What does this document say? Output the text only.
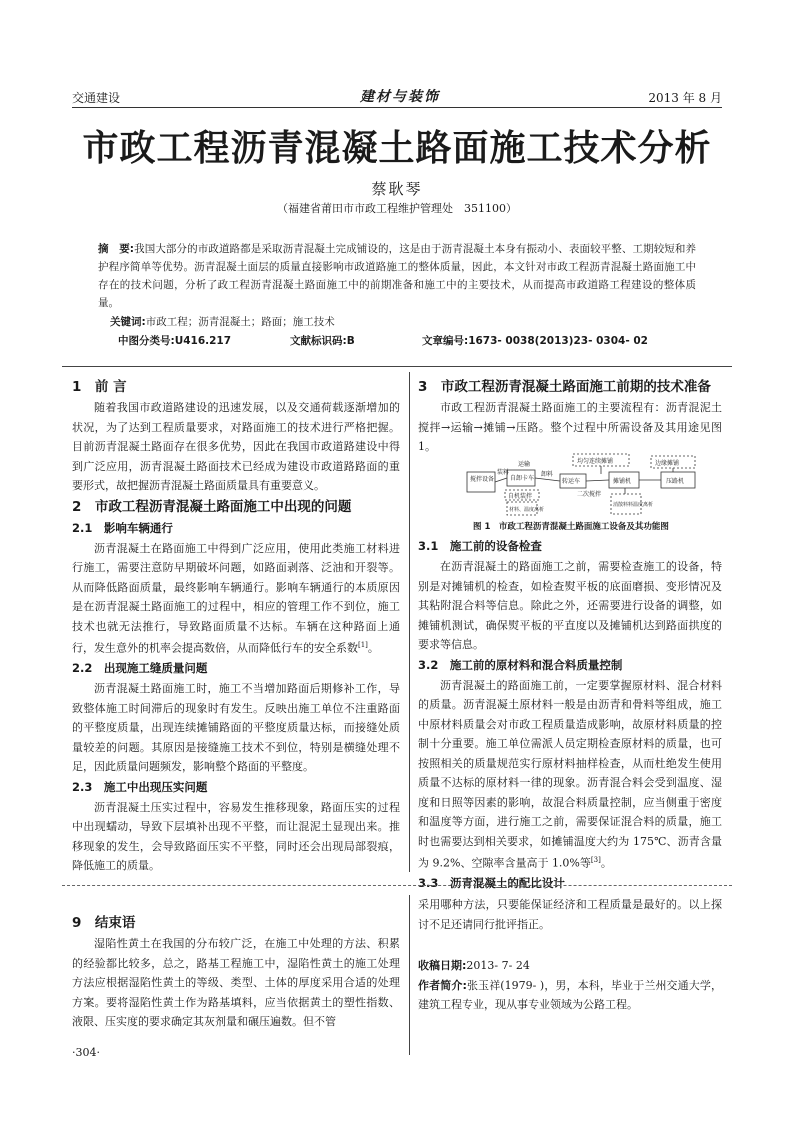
交通建设	建材与装饰	2013 年 8 月
市政工程沥青混凝土路面施工技术分析
蔡耿琴
（福建省莆田市市政工程维护管理处　351100）
摘　要:我国大部分的市政道路都是采取沥青混凝土完成铺设的，这是由于沥青混凝土本身有振动小、表面较平整、工期较短和养护程序简单等优势。沥青混凝土面层的质量直接影响市政道路施工的整体质量，因此，本文针对市政工程沥青混凝土路面施工中存在的技术问题，分析了政工程沥青混凝土路面施工中的前期准备和施工中的主要技术，从而提高市政道路工程建设的整体质量。
关键词:市政工程；沥青混凝土；路面；施工技术
中图分类号:U416.217	文献标识码:B	文章编号:1673- 0038(2013)23- 0304- 02
1　前 言

随着我国市政道路建设的迅速发展，以及交通荷载逐渐增加的状况，为了达到工程质量要求，对路面施工的技术进行严格把握。目前沥青混凝土路面存在很多优势，因此在我国市政道路建设中得到广泛应用，沥青混凝土路面技术已经成为建设市政道路路面的重要形式，故把握沥青混凝土路面质量具有重要意义。

2　市政工程沥青混凝土路面施工中出现的问题
2.1　影响车辆通行

沥青混凝土在路面施工中得到广泛应用，使用此类施工材料进行施工，需要注意防早期破坏问题，如路面剥落、泛油和开裂等。从而降低路面质量，最终影响车辆通行。影响车辆通行的本质原因是在沥青混凝土路面施工的过程中，相应的管理工作不到位，施工技术也就无法推行，导致路面质量不达标。车辆在这种路面上通行，发生意外的机率会提高数倍，从而降低行车的安全系数[1]。

2.2　出现施工缝质量问题

沥青混凝土路面施工时，施工不当增加路面后期修补工作，导致整体施工时间滞后的现象时有发生。反映出施工单位不注重路面的平整度质量，出现连续摊铺路面的平整度质量达标，而接缝处质量较差的问题。其原因是接缝施工技术不到位，特别是横缝处理不足，因此质量问题频发，影响整个路面的平整度。

2.3　施工中出现压实问题

沥青混凝土压实过程中，容易发生推移现象，路面压实的过程中出现蠕动，导致下层填补出现不平整，而让混泥土显现出来。推移现象的发生，会导致路面压实不平整，同时还会出现局部裂痕，降低施工的质量。

3　市政工程沥青混凝土路面施工前期的技术准备

市政工程沥青混凝土路面施工的主要流程有：沥青混泥土搅拌→运输→摊铺→压路。整个过程中所需设备及其用途见图 1。

搅拌设备
运输
自卸卡车
装料	卸料
均匀连续摊铺
转运车
二次搅拌
边缘摊铺
摊铺机	压路机
自机装拌
材料、温度离析
消散料料温度离析
图 1　市政工程沥青混凝土路面施工设备及其功能图
3.1　施工前的设备检查

在沥青混凝土的路面施工之前，需要检查施工的设备，特别是对摊铺机的检查，如检查熨平板的底面磨损、变形情况及其粘附混合料等信息。除此之外，还需要进行设备的调整，如摊铺机测试，确保熨平板的平直度以及摊铺机达到路面拱度的要求等信息。

3.2　施工前的原材料和混合料质量控制

沥青混凝土的路面施工前，一定要掌握原材料、混合材料的质量。沥青混凝土原材料一般是由沥青和骨料等组成，施工中原材料质量会对市政工程质量造成影响，故原材料质量的控制十分重要。施工单位需派人员定期检查原材料的质量，也可按照相关的质量规范实行原材料抽样检查，从而杜绝发生使用质量不达标的原材料一律的现象。沥青混合料会受到温度、湿度和日照等因素的影响，故混合料质量控制，应当侧重于密度和温度等方面，进行施工之前，需要保证混合料的质量，施工时也需要达到相关要求，如摊铺温度大约为 175℃、沥青含量为 9.2%、空隙率含量高于 1.0%等[3]。

3.3　沥青混凝土的配比设计
9　结束语

湿陷性黄土在我国的分布较广泛，在施工中处理的方法、积累的经验都比较多，总之，路基工程施工中，湿陷性黄土的施工处理方法应根据湿陷性黄土的等级、类型、土体的厚度采用合适的处理方案。要将湿陷性黄土作为路基填料，应当依据黄土的塑性指数、液限、压实度的要求确定其灰剂量和碾压遍数。但不管

采用哪种方法，只要能保证经济和工程质量是最好的。以上探讨不足还请同行批评指正。

收稿日期:2013- 7- 24
作者简介:张玉祥(1979- )，男，本科，毕业于兰州交通大学，建筑工程专业，现从事专业领域为公路工程。
·304·
